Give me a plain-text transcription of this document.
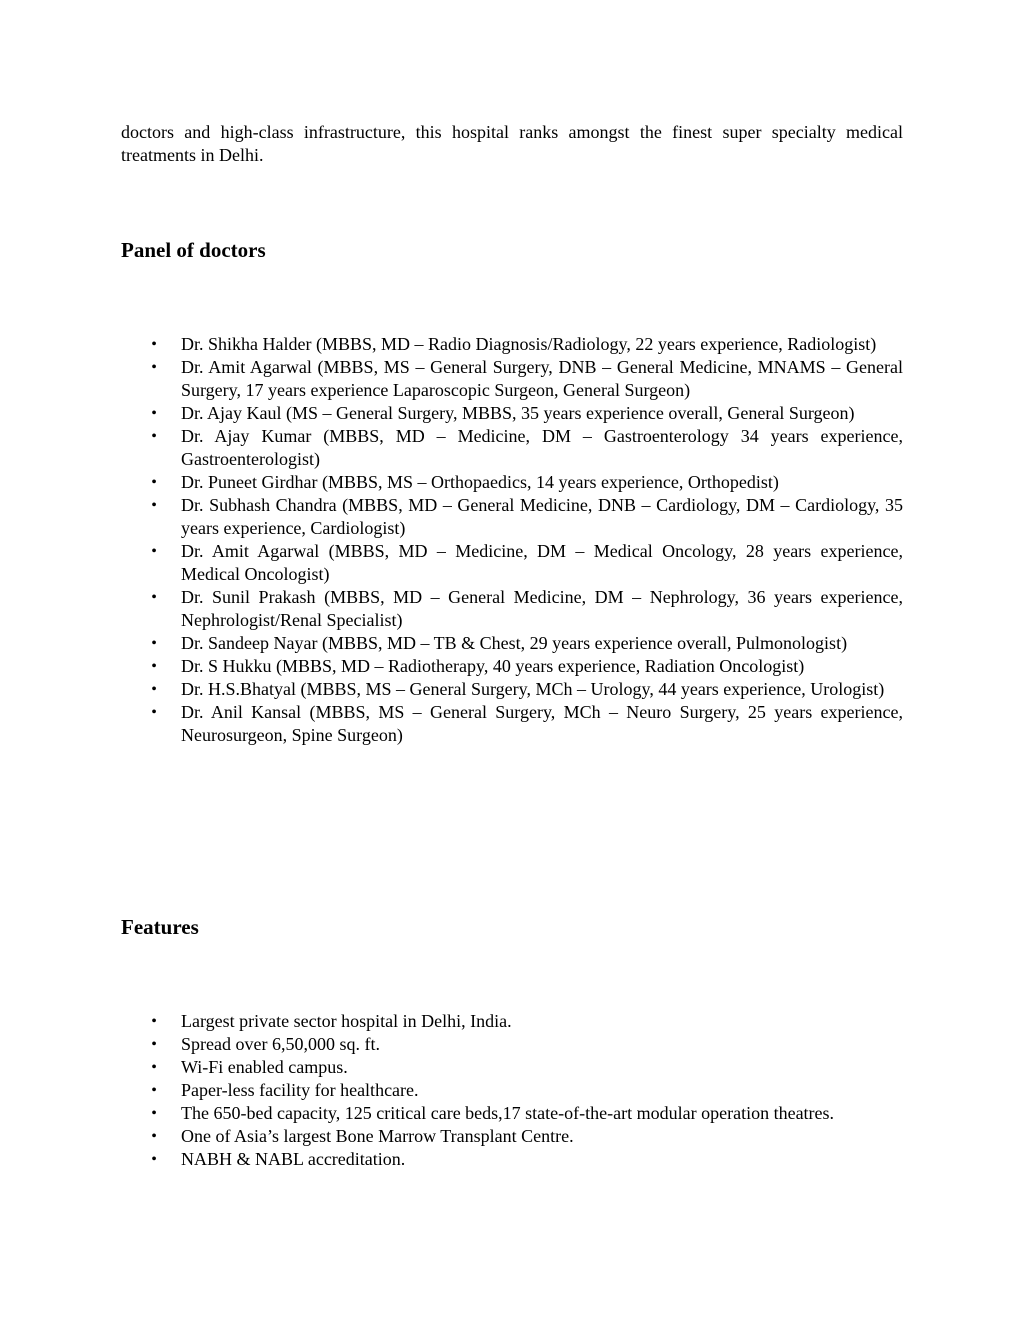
doctors and high-class infrastructure, this hospital ranks amongst the finest super specialty medical treatments in Delhi.

Panel of doctors
• Dr. Shikha Halder (MBBS, MD – Radio Diagnosis/Radiology, 22 years experience, Radiologist)
• Dr. Amit Agarwal (MBBS, MS – General Surgery, DNB – General Medicine, MNAMS – General Surgery, 17 years experience Laparoscopic Surgeon, General Surgeon)
• Dr. Ajay Kaul (MS – General Surgery, MBBS, 35 years experience overall, General Surgeon)
• Dr. Ajay Kumar (MBBS, MD – Medicine, DM – Gastroenterology 34 years experience, Gastroenterologist)
• Dr. Puneet Girdhar (MBBS, MS – Orthopaedics, 14 years experience, Orthopedist)
• Dr. Subhash Chandra (MBBS, MD – General Medicine, DNB – Cardiology, DM – Cardiology, 35 years experience, Cardiologist)
• Dr. Amit Agarwal (MBBS, MD – Medicine, DM – Medical Oncology, 28 years experience, Medical Oncologist)
• Dr. Sunil Prakash (MBBS, MD – General Medicine, DM – Nephrology, 36 years experience, Nephrologist/Renal Specialist)
• Dr. Sandeep Nayar (MBBS, MD – TB & Chest, 29 years experience overall, Pulmonologist)
• Dr. S Hukku (MBBS, MD – Radiotherapy, 40 years experience, Radiation Oncologist)
• Dr. H.S.Bhatyal (MBBS, MS – General Surgery, MCh – Urology, 44 years experience, Urologist)
• Dr. Anil Kansal (MBBS, MS – General Surgery, MCh – Neuro Surgery, 25 years experience, Neurosurgeon, Spine Surgeon)
Features
• Largest private sector hospital in Delhi, India.
• Spread over 6,50,000 sq. ft.
• Wi-Fi enabled campus.
• Paper-less facility for healthcare.
• The 650-bed capacity, 125 critical care beds,17 state-of-the-art modular operation theatres.
• One of Asia’s largest Bone Marrow Transplant Centre.
• NABH & NABL accreditation.
